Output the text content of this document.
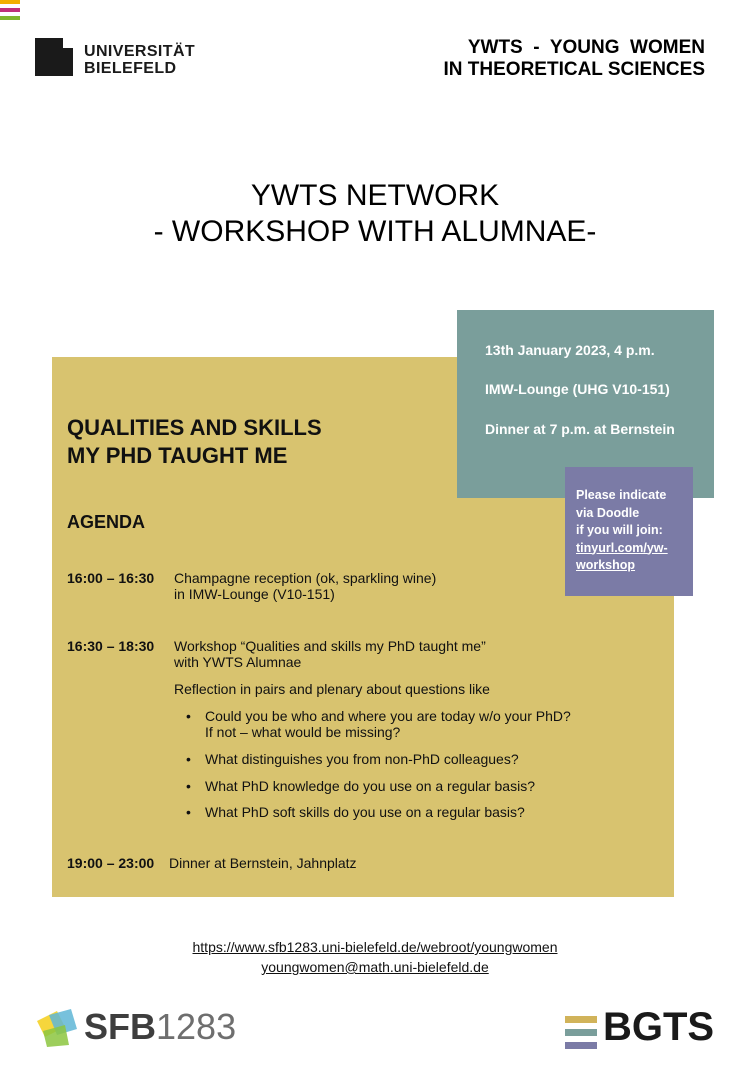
UNIVERSITÄT
BIELEFELD
YWTS  -  YOUNG  WOMEN
IN THEORETICAL SCIENCES
YWTS NETWORK
- WORKSHOP WITH ALUMNAE-
13th January 2023, 4 p.m.
IMW-Lounge (UHG V10-151)
Dinner at 7 p.m. at Bernstein
Please indicate
via Doodle
if you will join:
tinyurl.com/yw-
workshop
QUALITIES AND SKILLS
MY PHD TAUGHT ME
AGENDA
16:00 – 16:30 Champagne reception (ok, sparkling wine)
in IMW-Lounge (V10-151)
16:30 – 18:30 Workshop “Qualities and skills my PhD taught me”
with YWTS Alumnae
Reflection in pairs and plenary about questions like
• Could you be who and where you are today w/o your PhD?
If not – what would be missing?
• What distinguishes you from non-PhD colleagues?
• What PhD knowledge do you use on a regular basis?
• What PhD soft skills do you use on a regular basis?
19:00 – 23:00 Dinner at Bernstein, Jahnplatz
https://www.sfb1283.uni-bielefeld.de/webroot/youngwomen
youngwomen@math.uni-bielefeld.de
SFB1283	BGTS
